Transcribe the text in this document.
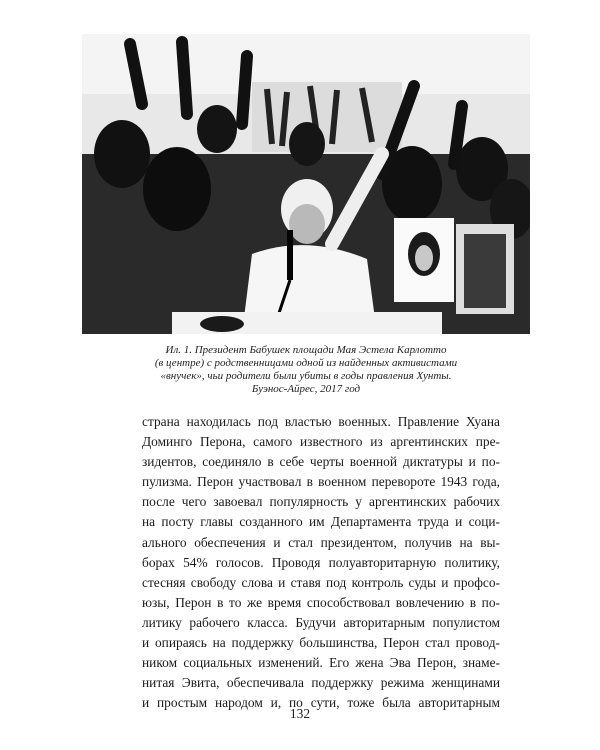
Ил. 1. Президент Бабушек площади Мая Эстела Карлотто
(в центре) с родственницами одной из найденных активистами
«внучек», чьи родители были убиты в годы правления Хунты.
Буэнос-Айрес, 2017 год
страна находилась под властью военных. Правление Хуана
Доминго Перона, самого известного из аргентинских пре-
зидентов, соединяло в себе черты военной диктатуры и по-
пулизма. Перон участвовал в военном перевороте 1943 года,
после чего завоевал популярность у аргентинских рабочих
на посту главы созданного им Департамента труда и соци-
ального обеспечения и стал президентом, получив на вы-
борах 54% голосов. Проводя полуавторитарную политику,
стесняя свободу слова и ставя под контроль суды и профсо-
юзы, Перон в то же время способствовал вовлечению в по-
литику рабочего класса. Будучи авторитарным популистом
и опираясь на поддержку большинства, Перон стал провод-
ником социальных изменений. Его жена Эва Перон, знаме-
нитая Эвита, обеспечивала поддержку режима женщинами
и простым народом и, по сути, тоже была авторитарным
132
